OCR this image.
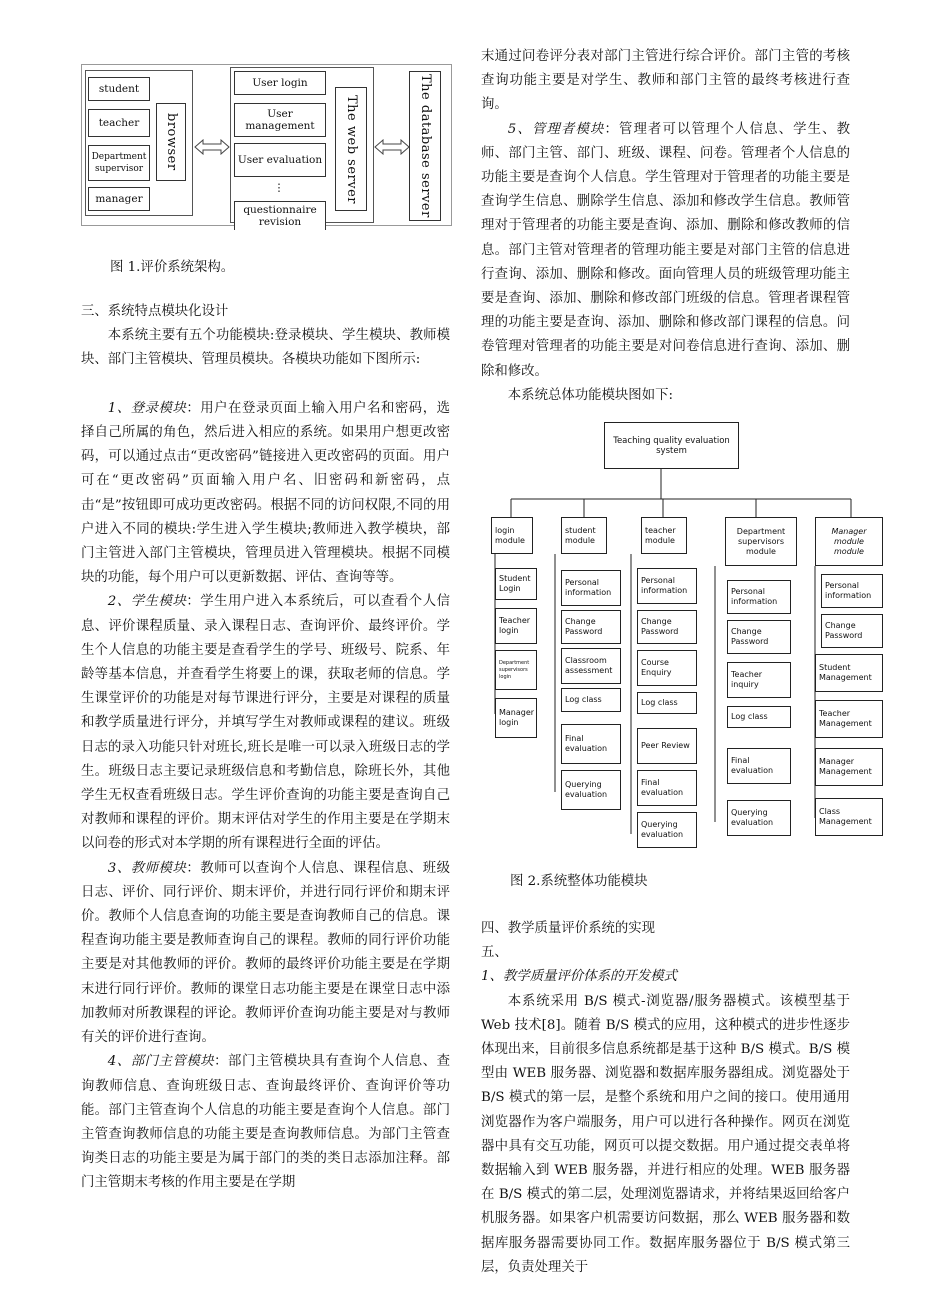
student
teacher
Department supervisor
manager
browser
User login
User management
User evaluation
⋮
questionnaire revision
The web server	The database server
图 1.评价系统架构。

三、系统特点模块化设计

本系统主要有五个功能模块:登录模块、学生模块、教师模块、部门主管模块、管理员模块。各模块功能如下图所示:

1、登录模块：用户在登录页面上输入用户名和密码，选择自己所属的角色，然后进入相应的系统。如果用户想更改密码，可以通过点击“更改密码”链接进入更改密码的页面。用户可在“更改密码”页面输入用户名、旧密码和新密码，点击“是”按钮即可成功更改密码。根据不同的访问权限,不同的用户进入不同的模块:学生进入学生模块;教师进入教学模块，部门主管进入部门主管模块，管理员进入管理模块。根据不同模块的功能，每个用户可以更新数据、评估、查询等等。

2、学生模块：学生用户进入本系统后，可以查看个人信息、评价课程质量、录入课程日志、查询评价、最终评价。学生个人信息的功能主要是查看学生的学号、班级号、院系、年龄等基本信息，并查看学生将要上的课，获取老师的信息。学生课堂评价的功能是对每节课进行评分，主要是对课程的质量和教学质量进行评分，并填写学生对教师或课程的建议。班级日志的录入功能只针对班长,班长是唯一可以录入班级日志的学生。班级日志主要记录班级信息和考勤信息，除班长外，其他学生无权查看班级日志。学生评价查询的功能主要是查询自己对教师和课程的评价。期末评估对学生的作用主要是在学期末以问卷的形式对本学期的所有课程进行全面的评估。

3、教师模块：教师可以查询个人信息、课程信息、班级日志、评价、同行评价、期末评价，并进行同行评价和期末评价。教师个人信息查询的功能主要是查询教师自己的信息。课程查询功能主要是教师查询自己的课程。教师的同行评价功能主要是对其他教师的评价。教师的最终评价功能主要是在学期末进行同行评价。教师的课堂日志功能主要是在课堂日志中添加教师对所教课程的评论。教师评价查询功能主要是对与教师有关的评价进行查询。

4、部门主管模块：部门主管模块具有查询个人信息、查询教师信息、查询班级日志、查询最终评价、查询评价等功能。部门主管查询个人信息的功能主要是查询个人信息。部门主管查询教师信息的功能主要是查询教师信息。为部门主管查询类日志的功能主要是为属于部门的类的类日志添加注释。部门主管期末考核的作用主要是在学期

末通过问卷评分表对部门主管进行综合评价。部门主管的考核查询功能主要是对学生、教师和部门主管的最终考核进行查询。

5、管理者模块：管理者可以管理个人信息、学生、教师、部门主管、部门、班级、课程、问卷。管理者个人信息的功能主要是查询个人信息。学生管理对于管理者的功能主要是查询学生信息、删除学生信息、添加和修改学生信息。教师管理对于管理者的功能主要是查询、添加、删除和修改教师的信息。部门主管对管理者的管理功能主要是对部门主管的信息进行查询、添加、删除和修改。面向管理人员的班级管理功能主要是查询、添加、删除和修改部门班级的信息。管理者课程管理的功能主要是查询、添加、删除和修改部门课程的信息。问卷管理对管理者的功能主要是对问卷信息进行查询、添加、删除和修改。

本系统总体功能模块图如下:

Teaching quality evaluation system
login module
Student Login
Teacher login
Department supervisors login
Manager login
student module
Personal information
Change Password
Classroom assessment
Log class
Final evaluation
Querying evaluation
teacher module
Personal information
Change Password
Course Enquiry
Log class
Peer Review
Final evaluation
Querying evaluation
Department supervisors module
Personal information
Change Password
Teacher inquiry
Log class
Final evaluation
Querying evaluation
Manager module module
Personal information
Change Password
Student Management
Teacher Management
Manager Management
Class Management
图 2.系统整体功能模块

四、教学质量评价系统的实现

五、

1、教学质量评价体系的开发模式

本系统采用 B/S 模式-浏览器/服务器模式。该模型基于 Web 技术[8]。随着 B/S 模式的应用，这种模式的进步性逐步体现出来，目前很多信息系统都是基于这种 B/S 模式。B/S 模型由 WEB 服务器、浏览器和数据库服务器组成。浏览器处于 B/S 模式的第一层，是整个系统和用户之间的接口。使用通用浏览器作为客户端服务，用户可以进行各种操作。网页在浏览器中具有交互功能，网页可以提交数据。用户通过提交表单将数据输入到 WEB 服务器，并进行相应的处理。WEB 服务器在 B/S 模式的第二层，处理浏览器请求，并将结果返回给客户机服务器。如果客户机需要访问数据，那么 WEB 服务器和数据库服务器需要协同工作。数据库服务器位于 B/S 模式第三层，负责处理关于
